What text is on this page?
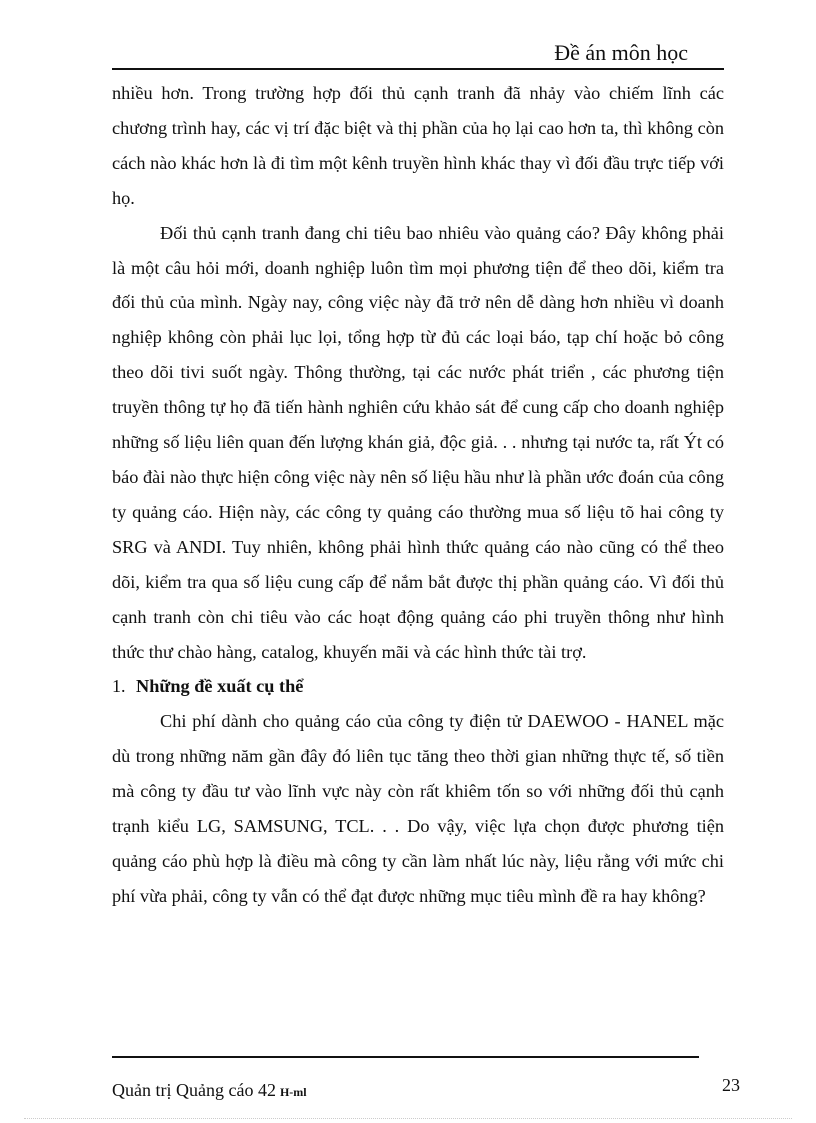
Đề án môn học

nhiều hơn. Trong trường hợp đối thủ cạnh tranh đã nhảy vào chiếm lĩnh các chương trình hay, các vị trí đặc biệt và thị phần của họ lại cao hơn ta, thì không còn cách nào khác hơn là đi tìm một kênh truyền hình khác thay vì đối đầu trực tiếp với họ.

Đối thủ cạnh tranh đang chi tiêu bao nhiêu vào quảng cáo? Đây không phải là một câu hỏi mới, doanh nghiệp luôn tìm mọi phương tiện để theo dõi, kiểm tra đối thủ của mình. Ngày nay, công việc này đã trở nên dễ dàng hơn nhiều vì doanh nghiệp không còn phải lục lọi, tổng hợp từ đủ các loại báo, tạp chí hoặc bỏ công theo dõi tivi suốt ngày. Thông thường, tại các nước phát triển , các phương tiện truyền thông tự họ đã tiến hành nghiên cứu khảo sát để cung cấp cho doanh nghiệp những số liệu liên quan đến lượng khán giả, độc giả. . . nhưng tại nước ta, rất Ýt có báo đài nào thực hiện công việc này nên số liệu hầu như là phần ước đoán của công ty quảng cáo. Hiện này, các công ty quảng cáo thường mua số liệu tõ hai công ty SRG và ANDI. Tuy nhiên, không phải hình thức quảng cáo nào cũng có thể theo dõi, kiểm tra qua số liệu cung cấp để nắm bắt được thị phần quảng cáo. Vì đối thủ cạnh tranh còn chi tiêu vào các hoạt động quảng cáo phi truyền thông như hình thức thư chào hàng, catalog, khuyến mãi và các hình thức tài trợ.

1. Những đề xuất cụ thể

Chi phí dành cho quảng cáo của công ty điện tử DAEWOO - HANEL mặc dù trong những năm gần đây đó liên tục tăng theo thời gian những thực tế, số tiền mà công ty đầu tư vào lĩnh vực này còn rất khiêm tốn so với những đối thủ cạnh trạnh kiểu LG, SAMSUNG, TCL. . . Do vậy, việc lựa chọn được phương tiện quảng cáo phù hợp là điều mà công ty cần làm nhất lúc này, liệu rằng với mức chi phí vừa phải, công ty vẫn có thể đạt được những mục tiêu mình đề ra hay không?

Quản trị Quảng cáo 42 H-ml	23
